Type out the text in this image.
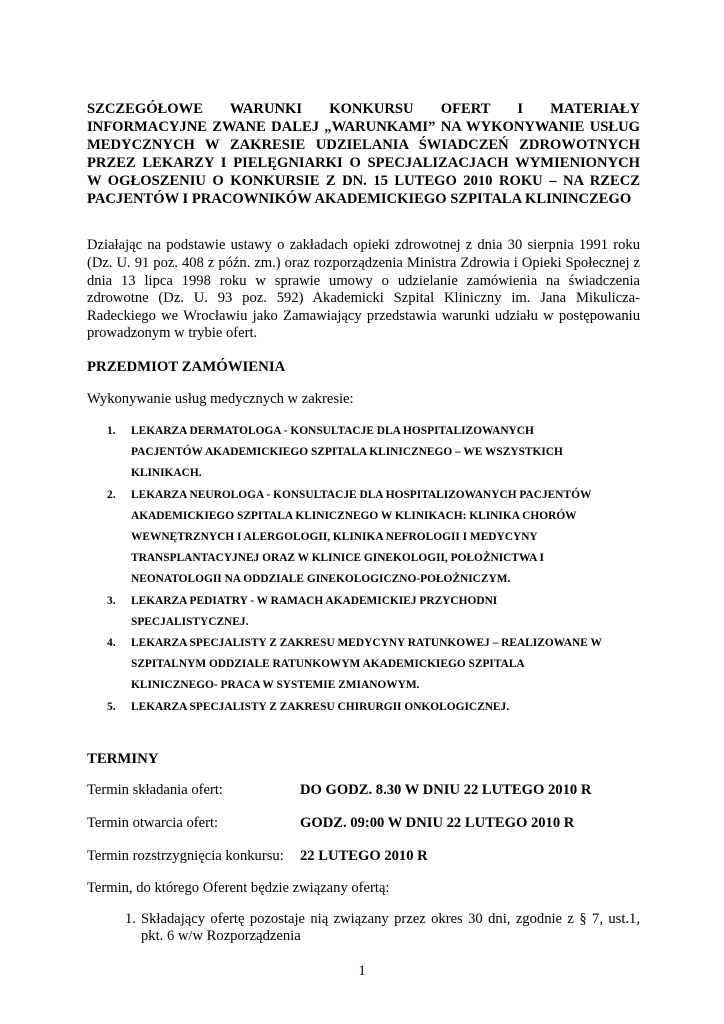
SZCZEGÓŁOWE WARUNKI KONKURSU OFERT I MATERIAŁY
INFORMACYJNE ZWANE DALEJ „WARUNKAMI” NA WYKONYWANIE USŁUG
MEDYCZNYCH W ZAKRESIE UDZIELANIA ŚWIADCZEŃ ZDROWOTNYCH
PRZEZ LEKARZY I PIELĘGNIARKI O SPECJALIZACJACH WYMIENIONYCH
W OGŁOSZENIU O KONKURSIE Z DN. 15 LUTEGO 2010 ROKU – NA RZECZ
PACJENTÓW I PRACOWNIKÓW AKADEMICKIEGO SZPITALA KLININCZEGO

Działając na podstawie ustawy o zakładach opieki zdrowotnej z dnia 30 sierpnia 1991 roku (Dz. U. 91 poz. 408 z późn. zm.) oraz rozporządzenia Ministra Zdrowia i Opieki Społecznej z dnia 13 lipca 1998 roku w sprawie umowy o udzielanie zamówienia na świadczenia zdrowotne (Dz. U. 93 poz. 592) Akademicki Szpital Kliniczny im. Jana Mikulicza-Radeckiego we Wrocławiu jako Zamawiający przedstawia warunki udziału w postępowaniu prowadzonym w trybie ofert.

PRZEDMIOT ZAMÓWIENIA

Wykonywanie usług medycznych w zakresie:

1. LEKARZA DERMATOLOGA - KONSULTACJE DLA HOSPITALIZOWANYCH
PACJENTÓW AKADEMICKIEGO SZPITALA KLINICZNEGO – WE WSZYSTKICH
KLINIKACH.
2. LEKARZA NEUROLOGA - KONSULTACJE DLA HOSPITALIZOWANYCH PACJENTÓW
AKADEMICKIEGO SZPITALA KLINICZNEGO W KLINIKACH: KLINIKA CHORÓW
WEWNĘTRZNYCH I ALERGOLOGII, KLINIKA NEFROLOGII I MEDYCYNY
TRANSPLANTACYJNEJ ORAZ W KLINICE GINEKOLOGII, POŁOŻNICTWA I
NEONATOLOGII NA ODDZIALE GINEKOLOGICZNO-POŁOŻNICZYM.
3. LEKARZA PEDIATRY - W RAMACH AKADEMICKIEJ PRZYCHODNI
SPECJALISTYCZNEJ.
4. LEKARZA SPECJALISTY Z ZAKRESU MEDYCYNY RATUNKOWEJ – REALIZOWANE W
SZPITALNYM ODDZIALE RATUNKOWYM AKADEMICKIEGO SZPITALA
KLINICZNEGO- PRACA W SYSTEMIE ZMIANOWYM.
5. LEKARZA SPECJALISTY Z ZAKRESU CHIRURGII ONKOLOGICZNEJ.
TERMINY
Termin składania ofert:	DO GODZ. 8.30 W DNIU 22 LUTEGO 2010 R
Termin otwarcia ofert:	GODZ. 09:00 W DNIU 22 LUTEGO 2010 R
Termin rozstrzygnięcia konkursu:	22 LUTEGO 2010 R

Termin, do którego Oferent będzie związany ofertą:

1. Składający ofertę pozostaje nią związany przez okres 30 dni, zgodnie z § 7, ust.1, pkt. 6 w/w Rozporządzenia

1
